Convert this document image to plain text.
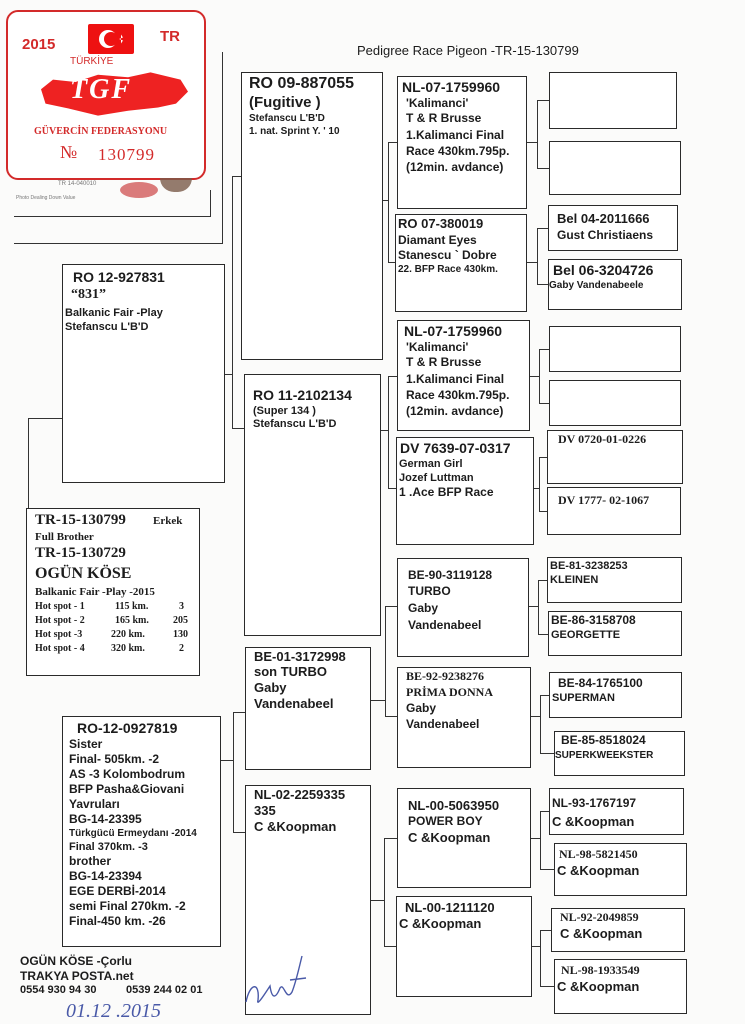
Pedigree Race Pigeon -TR-15-130799
2015	TR
TÜRKİYE
TGF
GÜVERCİN FEDERASYONU
№ 130799
TR 14-040010
Photo Dealing Down Value
RO 12-927831
“831”
Balkanic Fair -Play
Stefanscu L'B'D
TR-15-130799 Erkek
Full Brother
TR-15-130729
OGÜN KÖSE
Balkanic Fair -Play -2015
Hot spot - 1	115 km.	3
Hot spot - 2	165 km. 205
Hot spot -3	220 km.	130
Hot spot - 4	320 km.	2
RO-12-0927819
Sister
Final- 505km. -2
AS -3 Kolombodrum
BFP Pasha&Giovani
Yavruları
BG-14-23395
Türkgücü Ermeydanı -2014
Final 370km. -3
brother
BG-14-23394
EGE DERBİ-2014
semi Final 270km. -2
Final-450 km. -26
RO 09-887055
(Fugitive )
Stefanscu L'B'D
1. nat. Sprint Y. ' 10
RO 11-2102134
(Super 134 )
Stefanscu L'B'D
BE-01-3172998
son TURBO
Gaby
Vandenabeel
NL-02-2259335
335
C &Koopman
NL-07-1759960
'Kalimanci'
T & R Brusse
1.Kalimanci Final
Race 430km.795p.
(12min. avdance)
RO 07-380019
Diamant Eyes
Stanescu ` Dobre
22. BFP Race 430km.
NL-07-1759960
'Kalimanci'
T & R Brusse
1.Kalimanci Final
Race 430km.795p.
(12min. avdance)
DV 7639-07-0317
German Girl
Jozef Luttman
1 .Ace BFP Race
BE-90-3119128
TURBO
Gaby
Vandenabeel
BE-92-9238276
PRİMA DONNA
Gaby
Vandenabeel
NL-00-5063950
POWER BOY
C &Koopman
NL-00-1211120
C &Koopman
Bel 04-2011666
Gust Christiaens
Bel 06-3204726
Gaby Vandenabeele
DV 0720-01-0226
DV 1777- 02-1067
BE-81-3238253
KLEINEN
BE-86-3158708
GEORGETTE
BE-84-1765100
SUPERMAN
BE-85-8518024
SUPERKWEEKSTER
NL-93-1767197
C &Koopman
NL-98-5821450
C &Koopman
NL-92-2049859
C &Koopman
NL-98-1933549
C &Koopman
OGÜN KÖSE -Çorlu
TRAKYA POSTA.net
0554 930 94 30	0539 244 02 01
01.12 .2015
